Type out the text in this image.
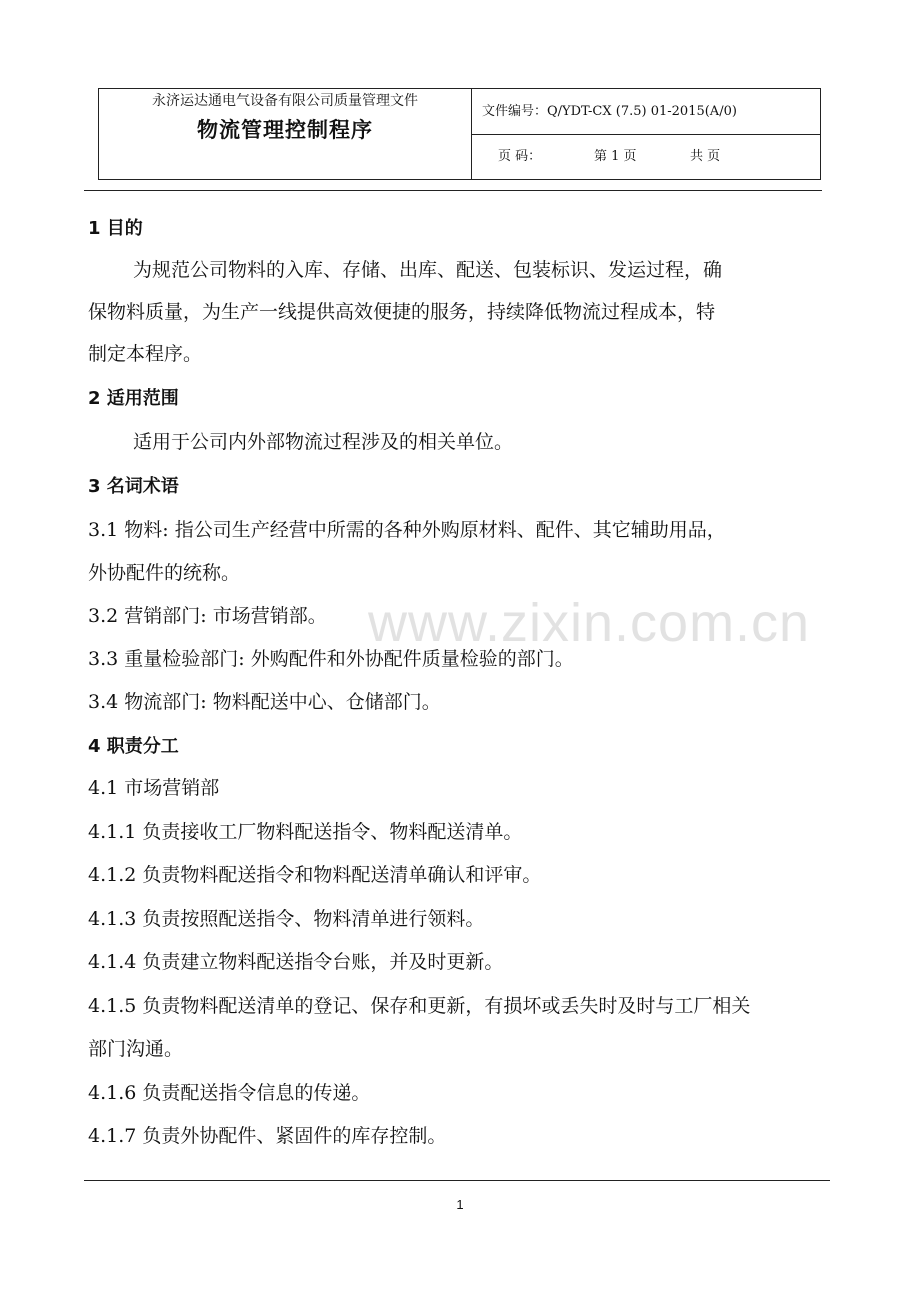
永济运达通电气设备有限公司质量管理文件
物流管理控制程序
文件编号：Q/YDT-CX (7.5) 01-2015(A/0)
页 码：	第 1 页	共 页
1 目的
为规范公司物料的入库、存储、出库、配送、包装标识、发运过程，确
保物料质量，为生产一线提供高效便捷的服务，持续降低物流过程成本，特
制定本程序。
2 适用范围
适用于公司内外部物流过程涉及的相关单位。
3 名词术语
3.1 物料: 指公司生产经营中所需的各种外购原材料、配件、其它辅助用品，
外协配件的统称。
3.2 营销部门: 市场营销部。
3.3 重量检验部门: 外购配件和外协配件质量检验的部门。
3.4 物流部门: 物料配送中心、仓储部门。
4 职责分工
4.1 市场营销部
4.1.1 负责接收工厂物料配送指令、物料配送清单。
4.1.2 负责物料配送指令和物料配送清单确认和评审。
4.1.3 负责按照配送指令、物料清单进行领料。
4.1.4 负责建立物料配送指令台账，并及时更新。
4.1.5 负责物料配送清单的登记、保存和更新，有损坏或丢失时及时与工厂相关
部门沟通。
4.1.6 负责配送指令信息的传递。
4.1.7 负责外协配件、紧固件的库存控制。
www.zixin.com.cn
1
